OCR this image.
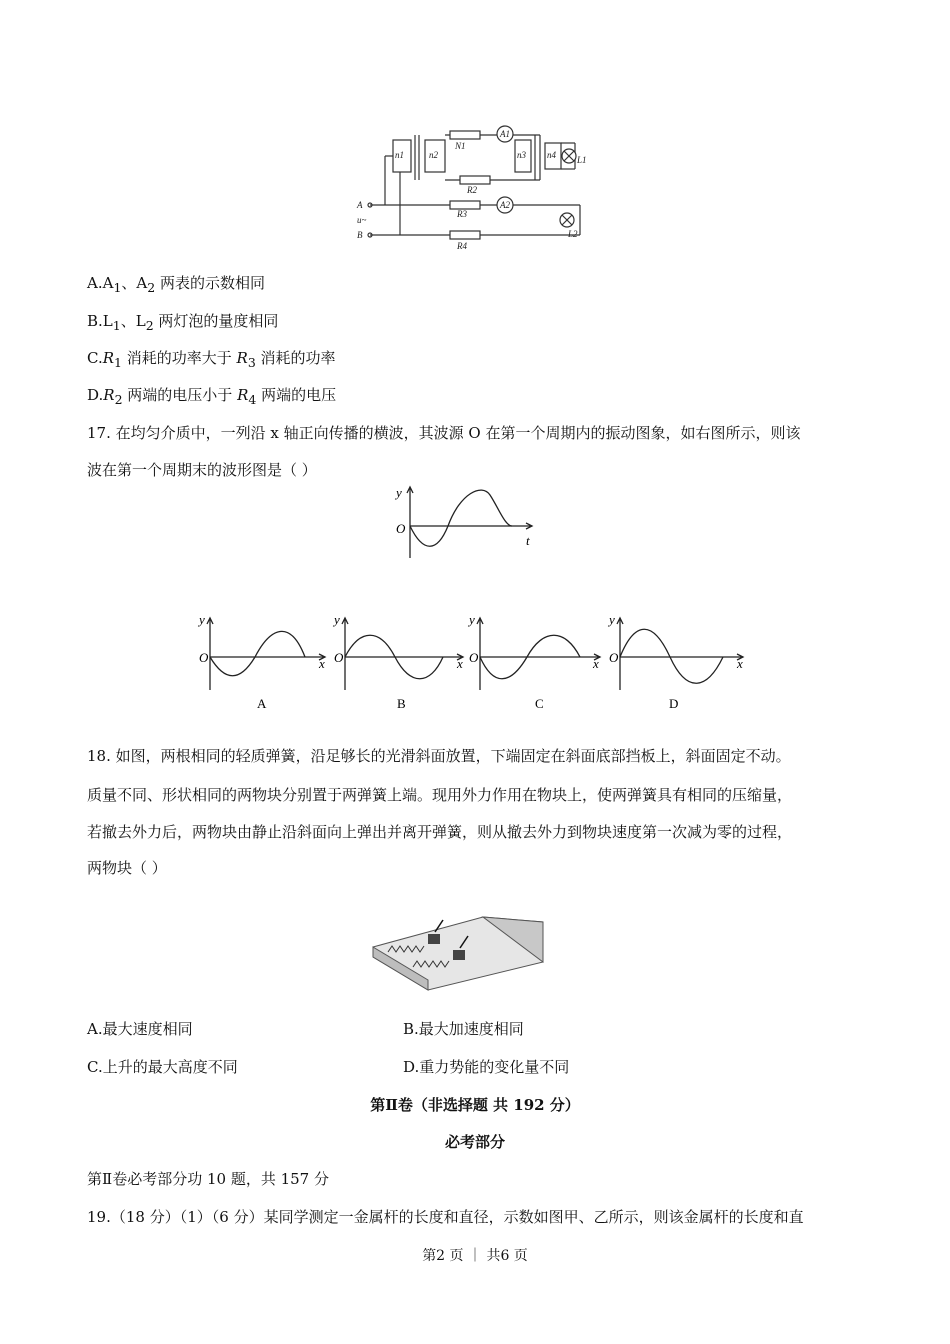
n1	n2	n3 n4
N1
A1
L1
R2
R3
A2
L2
R4
A
u~
B
$A.A_1$、$A_2$ 两表的示数相同
$B.L_1$、$L_2$ 两灯泡的量度相同
$C.R_1$ 消耗的功率大于 $R_3$ 消耗的功率
$D.R_2$ 两端的电压小于 $R_4$ 两端的电压
17. 在均匀介质中，一列沿 x 轴正向传播的横波，其波源 O 在第一个周期内的振动图象，如右图所示，则该
波在第一个周期末的波形图是（ ）
y
O
t
y
O	x
y
O	x
y
O	x
y
O	x
A	B	C	D
18. 如图，两根相同的轻质弹簧，沿足够长的光滑斜面放置，下端固定在斜面底部挡板上，斜面固定不动。
质量不同、形状相同的两物块分别置于两弹簧上端。现用外力作用在物块上，使两弹簧具有相同的压缩量，
若撤去外力后，两物块由静止沿斜面向上弹出并离开弹簧，则从撤去外力到物块速度第一次减为零的过程，
两物块（ ）
A.最大速度相同	B.最大加速度相同
C.上升的最大高度不同	D.重力势能的变化量不同
第Ⅱ卷（非选择题 共 192 分）
必考部分
第Ⅱ卷必考部分功 10 题，共 157 分
19.（18 分）（1）（6 分）某同学测定一金属杆的长度和直径，示数如图甲、乙所示，则该金属杆的长度和直
第2 页 ｜ 共6 页
